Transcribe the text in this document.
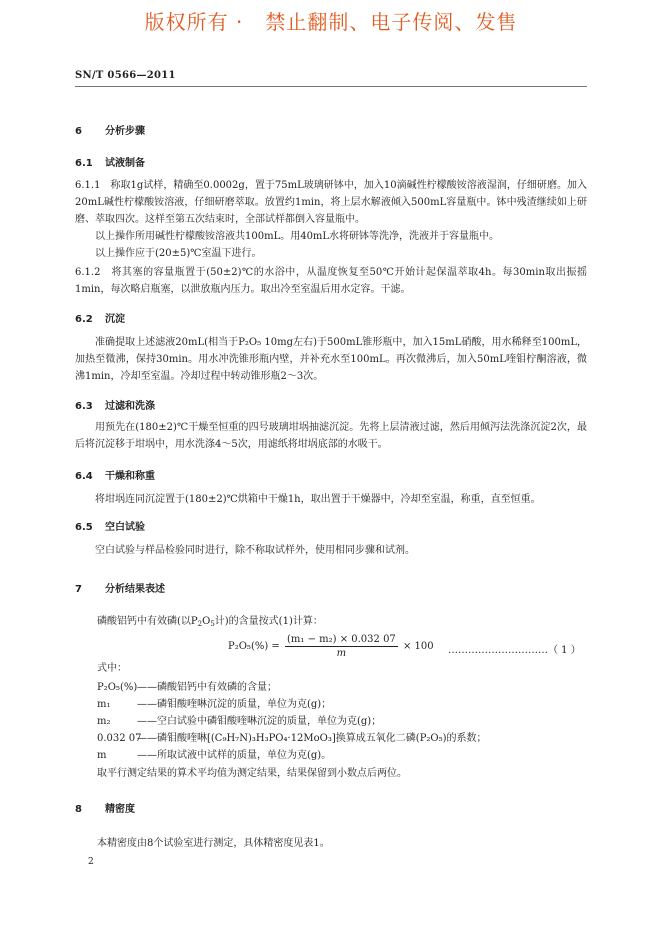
版权所有 ·   禁止翻制、电子传阅、发售
SN/T 0566—2011
6 分析步骤
6.1 试液制备
6.1.1　称取1g试样，精确至0.0002g，置于75mL玻璃研钵中，加入10滴碱性柠檬酸铵溶液湿润，仔细研磨。加入20mL碱性柠檬酸铵溶液，仔细研磨萃取。放置约1min，将上层水解液倾入500mL容量瓶中。钵中残渣继续如上研磨、萃取四次。这样至第五次结束时，全部试样都倒入容量瓶中。
以上操作所用碱性柠檬酸铵溶液共100mL。用40mL水将研钵等洗净，洗液并于容量瓶中。
以上操作应于(20±5)℃室温下进行。
6.1.2　将其塞的容量瓶置于(50±2)℃的水浴中，从温度恢复至50℃开始计起保温萃取4h。每30min取出振摇1min，每次略启瓶塞，以泄放瓶内压力。取出冷至室温后用水定容。干滤。
6.2 沉淀
准确提取上述滤液20mL(相当于P₂O₅ 10mg左右)于500mL锥形瓶中，加入15mL硝酸，用水稀释至100mL，加热至微沸，保持30min。用水冲洗锥形瓶内壁，并补充水至100mL。再次微沸后，加入50mL喹钼柠酮溶液，微沸1min，冷却至室温。冷却过程中转动锥形瓶2～3次。
6.3 过滤和洗涤
用预先在(180±2)℃干燥至恒重的四号玻璃坩埚抽滤沉淀。先将上层清液过滤，然后用倾泻法洗涤沉淀2次，最后将沉淀移于坩埚中，用水洗涤4～5次，用滤纸将坩埚底部的水吸干。
6.4 干燥和称重
将坩埚连同沉淀置于(180±2)℃烘箱中干燥1h，取出置于干燥器中，冷却至室温，称重，直至恒重。
6.5 空白试验
空白试验与样品检验同时进行，除不称取试样外，使用相同步骤和试剂。
7 分析结果表述
磷酸铝钙中有效磷(以$P_2O_5$计)的含量按式(1)计算：
$P_2O_5(\%) = \frac{\text{(m₁ − m₂) × 0.032 07}}{m} \times 100$ …………………………（ 1 ）
式中：
P₂O₅(%)——磷酸铝钙中有效磷的含量；
m₁	——磷钼酸喹啉沉淀的质量，单位为克(g)；
m₂	——空白试验中磷钼酸喹啉沉淀的质量，单位为克(g)；
0.032 07——磷钼酸喹啉[(C₉H₇N)₃H₃PO₄·12MoO₃]换算成五氧化二磷(P₂O₅)的系数；
m	——所取试液中试样的质量，单位为克(g)。
取平行测定结果的算术平均值为测定结果，结果保留到小数点后两位。
8 精密度
本精密度由8个试验室进行测定，具体精密度见表1。
2
